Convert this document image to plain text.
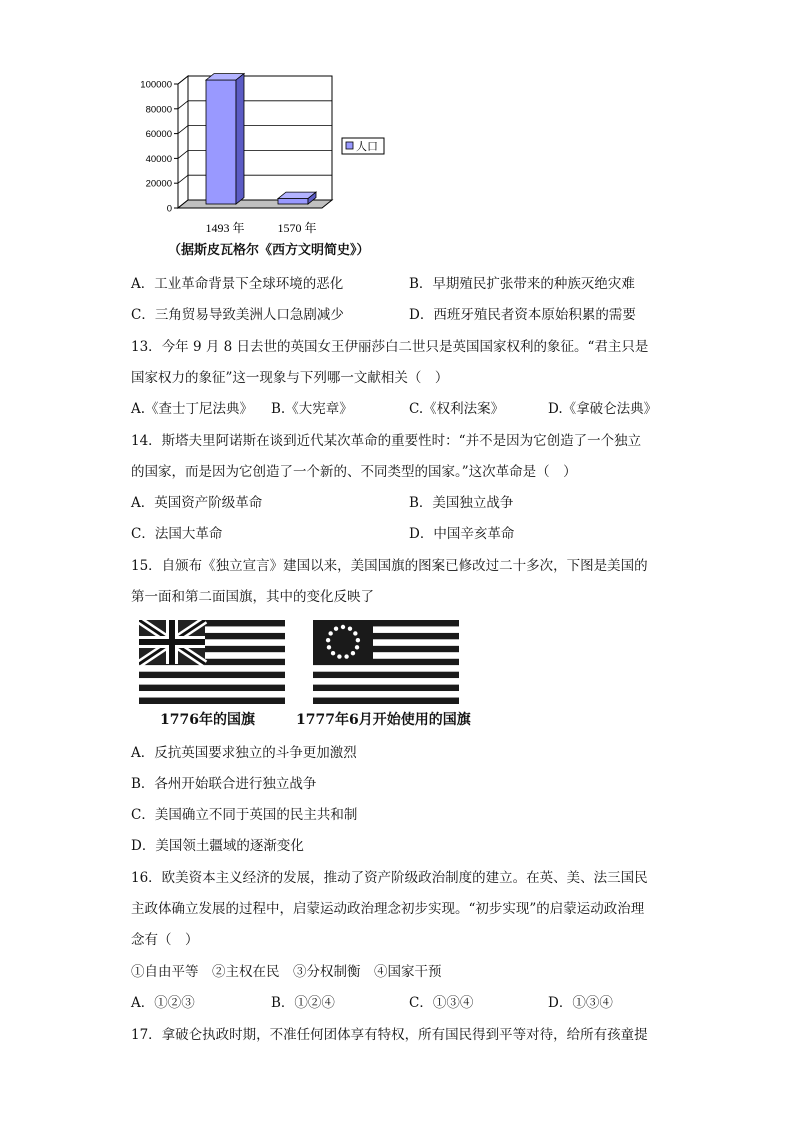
0
20000
40000
60000
80000
100000
人口
1493 年	1570 年
（据斯皮瓦格尔《西方文明简史》）
A．工业革命背景下全球环境的恶化	B．早期殖民扩张带来的种族灭绝灾难
C．三角贸易导致美洲人口急剧减少	D．西班牙殖民者资本原始积累的需要
13．今年 9 月 8 日去世的英国女王伊丽莎白二世只是英国国家权利的象征。“君主只是
国家权力的象征”这一现象与下列哪一文献相关（　）
A.《查士丁尼法典》 B.《大宪章》	C.《权利法案》	D.《拿破仑法典》
14．斯塔夫里阿诺斯在谈到近代某次革命的重要性时：“并不是因为它创造了一个独立
的国家，而是因为它创造了一个新的、不同类型的国家。”这次革命是（　）
A．英国资产阶级革命	B．美国独立战争
C．法国大革命	D．中国辛亥革命
15．自颁布《独立宣言》建国以来，美国国旗的图案已修改过二十多次，下图是美国的
第一面和第二面国旗，其中的变化反映了
1776年的国旗	1777年6月开始使用的国旗
A．反抗英国要求独立的斗争更加激烈
B．各州开始联合进行独立战争
C．美国确立不同于英国的民主共和制
D．美国领土疆域的逐渐变化
16．欧美资本主义经济的发展，推动了资产阶级政治制度的建立。在英、美、法三国民
主政体确立发展的过程中，启蒙运动政治理念初步实现。“初步实现”的启蒙运动政治理
念有（　）
①自由平等　②主权在民　③分权制衡　④国家干预
A．①②③	B．①②④	C．①③④	D．①③④
17．拿破仑执政时期，不准任何团体享有特权，所有国民得到平等对待，给所有孩童提
